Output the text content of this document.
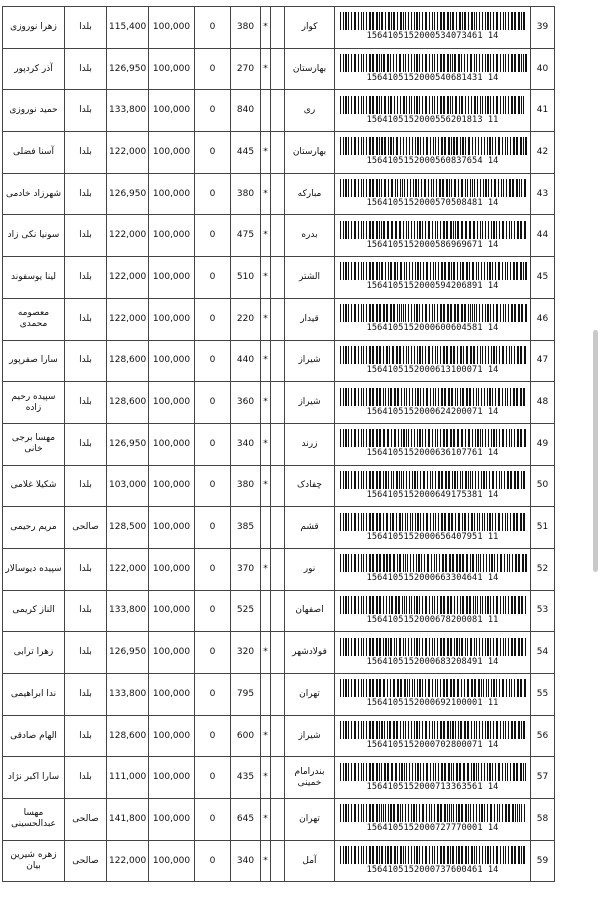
زهرا نوروزی	بلدا	115,400	100,000	0	380	*		کوار	1564105152000534073461 14	39
آذر کردپور	بلدا	126,950	100,000	0	270	*		بهارستان	1564105152000540681431 14	40
حمید نوروزی	بلدا	133,800	100,000	0	840			ری	1564105152000556201813 11	41
آسنا فضلی	بلدا	122,000	100,000	0	445	*		بهارستان	1564105152000560837654 14	42
شهرزاد خادمی	بلدا	126,950	100,000	0	380	*		مبارکه	1564105152000570508481 14	43
سونیا نکی زاد	بلدا	122,000	100,000	0	475	*		بدره	1564105152000586969671 14	44
لینا یوسفوند	بلدا	122,000	100,000	0	510	*		الشتر	1564105152000594206891 14	45
معصومه محمدی	بلدا	122,000	100,000	0	220	*		قیدار	1564105152000600604581 14	46
سارا صفرپور	بلدا	128,600	100,000	0	440	*		شیراز	1564105152000613100071 14	47
سپیده رحیم زاده	بلدا	128,600	100,000	0	360	*		شیراز	1564105152000624200071 14	48
مهسا برجی خانی	بلدا	126,950	100,000	0	340	*		زرند	1564105152000636107761 14	49
شکیلا غلامی	بلدا	103,000	100,000	0	380	*		چفادک	1564105152000649175381 14	50
مریم رحیمی	صالحی	128,500	100,000	0	385			قشم	1564105152000656407951 11	51
سپیده دیوسالار	بلدا	122,000	100,000	0	370	*		نور	1564105152000663304641 14	52
الناز کریمی	بلدا	133,800	100,000	0	525			اصفهان	1564105152000678200081 11	53
زهرا ترابی	بلدا	126,950	100,000	0	320	*		فولادشهر	1564105152000683208491 14	54
ندا ابراهیمی	بلدا	133,800	100,000	0	795			تهران	1564105152000692100001 11	55
الهام صادقی	بلدا	128,600	100,000	0	600	*		شیراز	1564105152000702800071 14	56
سارا اکبر نژاد	بلدا	111,000	100,000	0	435	*		بندرامام خمینی	1564105152000713363561 14	57
مهسا عبدالحسینی	صالحی	141,800	100,000	0	645	*		تهران	1564105152000727770001 14	58
زهره شیرین بیان	صالحی	122,000	100,000	0	340	*		آمل	1564105152000737600461 14	59
